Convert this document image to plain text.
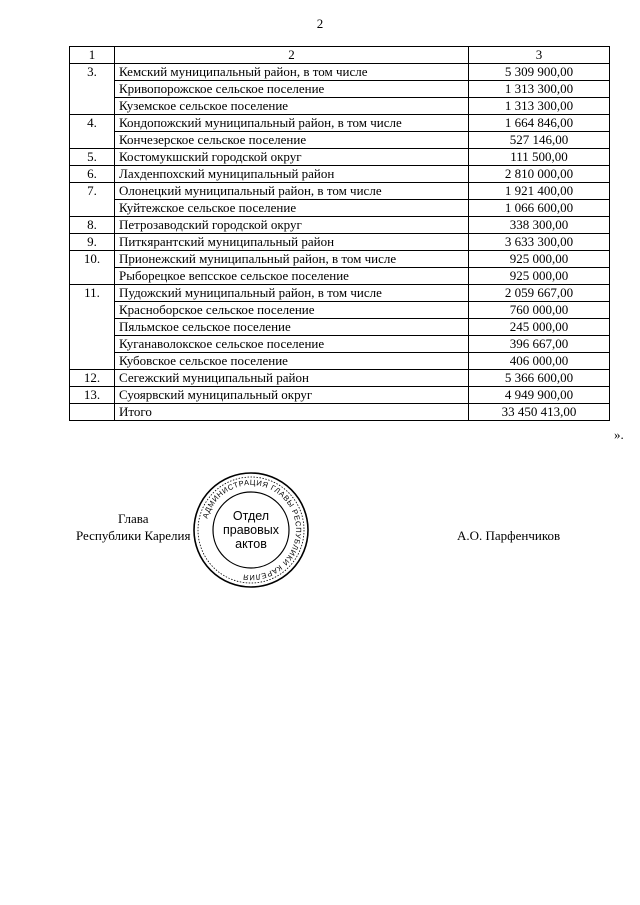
2
1	2	3
3.	Кемский муниципальный район, в том числе	5 309 900,00
	Кривопорожское сельское поселение	1 313 300,00
	Куземское сельское поселение	1 313 300,00
4.	Кондопожский муниципальный район, в том числе	1 664 846,00
	Кончезерское сельское поселение	527 146,00
5.	Костомукшский городской округ	111 500,00
6.	Лахденпохский муниципальный район	2 810 000,00
7.	Олонецкий муниципальный район, в том числе	1 921 400,00
	Куйтежское сельское поселение	1 066 600,00
8.	Петрозаводский городской округ	338 300,00
9.	Питкярантский муниципальный район	3 633 300,00
10.	Прионежский муниципальный район, в том числе	925 000,00
	Рыборецкое вепсское сельское поселение	925 000,00
11.	Пудожский муниципальный район, в том числе	2 059 667,00
	Красноборское сельское поселение	760 000,00
	Пяльмское сельское поселение	245 000,00
	Куганаволокское сельское поселение	396 667,00
	Кубовское сельское поселение	406 000,00
12.	Сегежский муниципальный район	5 366 600,00
13.	Суоярвский муниципальный округ	4 949 900,00
	Итого	33 450 413,00
».
Глава
Республики Карелия
АДМИНИСТРАЦИЯ ГЛАВЫ РЕСПУБЛИКИ КАРЕЛИЯ
Отдел
правовых
актов
А.О. Парфенчиков
